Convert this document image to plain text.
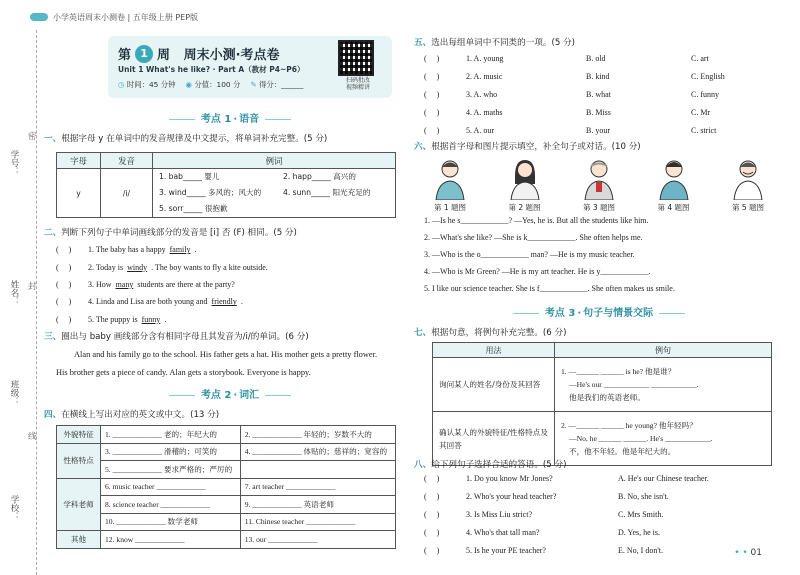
小学英语周末小测卷 | 五年级上册 PEP版
学号：
姓名：
班级：
学校：
密
封
线
第 1 周   周末小测·考点卷
Unit 1 What's he like? · Part A（教材 P4~P6）
◷ 时间：45 分钟 ◉ 分值：100 分 ✎ 得分：______	扫码批改
视频精讲
考点 1 · 语音
一、根据字母 y 在单词中的发音规律及中文提示，将单词补充完整。(5 分)
字母	发音	例词
y	/i/	1. bab_____ 婴儿 2. happ_____ 高兴的
3. wind_____ 多风的；风大的 4. sunn_____ 阳光充足的
5. sorr_____ 很抱歉
二、判断下列句子中单词画线部分的发音是 [i] 否 (F) 相同。(5 分)
(     )	1. The baby has a happy family .
(     )	2. Today is windy . The boy wants to fly a kite outside.
(     )	3. How many students are there at the party?
(     )	4. Linda and Lisa are both young and friendly .
(     )	5. The puppy is funny .
三、圈出与 baby 画线部分含有相同字母且其发音为/i/的单词。(6 分)
Alan and his family go to the school. His father gets a hat. His mother gets a pretty flower.
His brother gets a piece of candy. Alan gets a storybook. Everyone is happy.
考点 2 · 词汇
四、在横线上写出对应的英文或中文。(13 分)
外貌特征	1. _____________ 老的；年纪大的	2. _____________ 年轻的；岁数不大的
性格特点	3. _____________ 滑稽的；可笑的	4. _____________ 体贴的；慈祥的；宽容的
	5. _____________ 要求严格的；严厉的	
学科老师	6. music teacher _____________	7. art teacher _____________
	8. science teacher _____________	9. _____________ 英语老师
	10. _____________ 数学老师	11. Chinese teacher _____________
其他	12. know _____________	13. our _____________
五、选出每组单词中不同类的一项。(5 分)
(     )	1. A. young	B. old	C. art
(     )	2. A. music	B. kind	C. English
(     )	3. A. who	B. what	C. funny
(     )	4. A. maths	B. Miss	C. Mr
(     )	5. A. our	B. your	C. strict
六、根据首字母和图片提示填空，补全句子或对话。(10 分)
第 1 题图	第 2 题图	第 3 题图	第 4 题图	第 5 题图
1. —Is he s____________? —Yes, he is. But all the students like him.
2. —What's she like? —She is k____________. She often helps me.
3. —Who is the o____________ man? —He is my music teacher.
4. —Who is Mr Green? —He is my art teacher. He is y____________.
5. I like our science teacher. She is f____________. She often makes us smile.
考点 3 · 句子与情景交际
七、根据句意，将例句补充完整。(6 分)
用法	例句
询问某人的姓名/身份及其回答	1. —______ ______ is he? 他是谁？
—He's our ____________ ____________.
他是我们的英语老师。

确认某人的外貌特征/性格特点及其回答	2. —______ ______ he young? 他年轻吗？
—No, he ______ ______. He's ____________.
不，他不年轻。他是年纪大的。
八、给下列句子选择合适的答语。(5 分)
(     )	1. Do you know Mr Jones?	A. He's our Chinese teacher.
(     )	2. Who's your head teacher?	B. No, she isn't.
(     )	3. Is Miss Liu strict?	C. Mrs Smith.
(     )	4. Who's that tall man?	D. Yes, he is.
(     )	5. Is he your PE teacher?	E. No, I don't.	• • 01
